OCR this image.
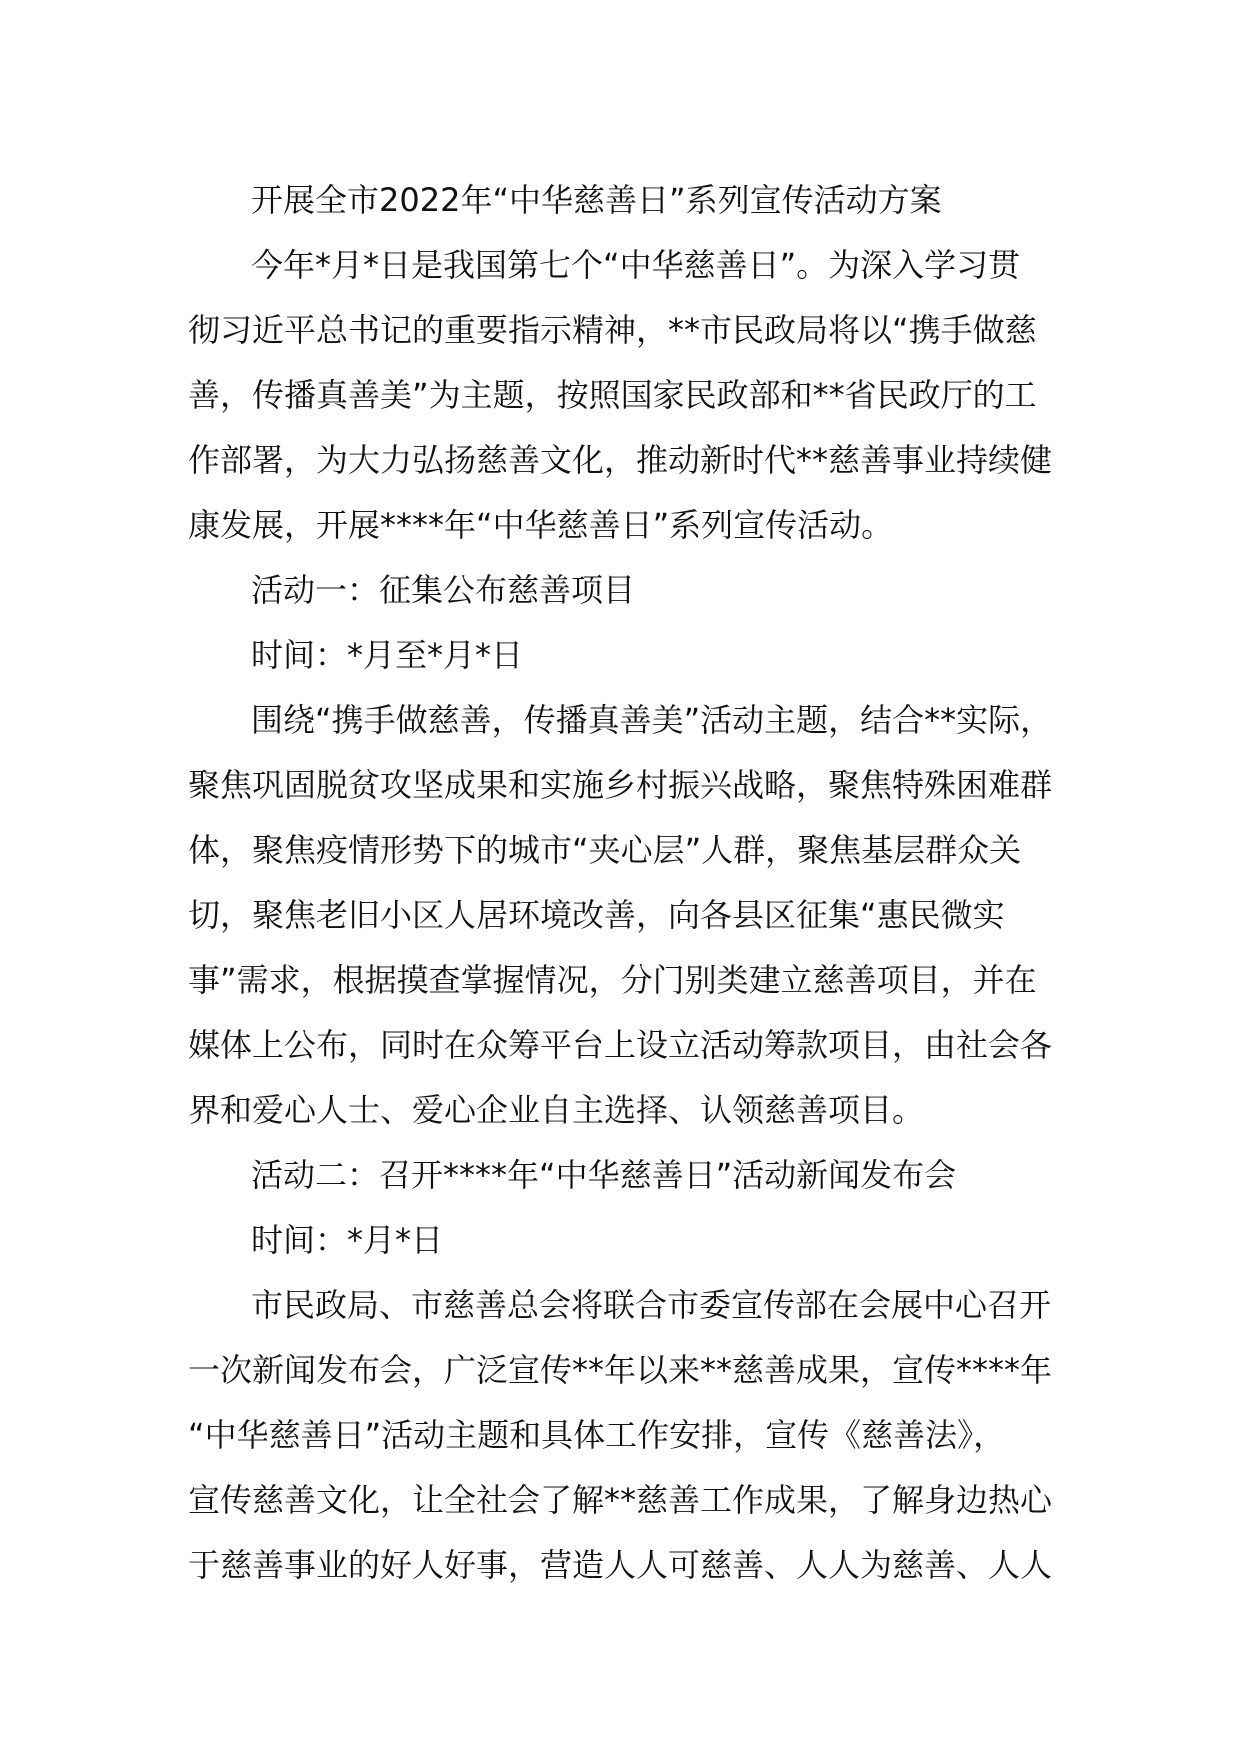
开展全市2022年“中华慈善日”系列宣传活动方案
今年*月*日是我国第七个“中华慈善日”。为深入学习贯
彻习近平总书记的重要指示精神，**市民政局将以“携手做慈
善，传播真善美”为主题，按照国家民政部和**省民政厅的工
作部署，为大力弘扬慈善文化，推动新时代**慈善事业持续健
康发展，开展****年“中华慈善日”系列宣传活动。
活动一：征集公布慈善项目
时间：*月至*月*日
围绕“携手做慈善，传播真善美”活动主题，结合**实际，
聚焦巩固脱贫攻坚成果和实施乡村振兴战略，聚焦特殊困难群
体，聚焦疫情形势下的城市“夹心层”人群，聚焦基层群众关
切，聚焦老旧小区人居环境改善，向各县区征集“惠民微实
事”需求，根据摸查掌握情况，分门别类建立慈善项目，并在
媒体上公布，同时在众筹平台上设立活动筹款项目，由社会各
界和爱心人士、爱心企业自主选择、认领慈善项目。
活动二：召开****年“中华慈善日”活动新闻发布会
时间：*月*日
市民政局、市慈善总会将联合市委宣传部在会展中心召开
一次新闻发布会，广泛宣传**年以来**慈善成果，宣传****年
“中华慈善日”活动主题和具体工作安排，宣传《慈善法》，
宣传慈善文化，让全社会了解**慈善工作成果，了解身边热心
于慈善事业的好人好事，营造人人可慈善、人人为慈善、人人
